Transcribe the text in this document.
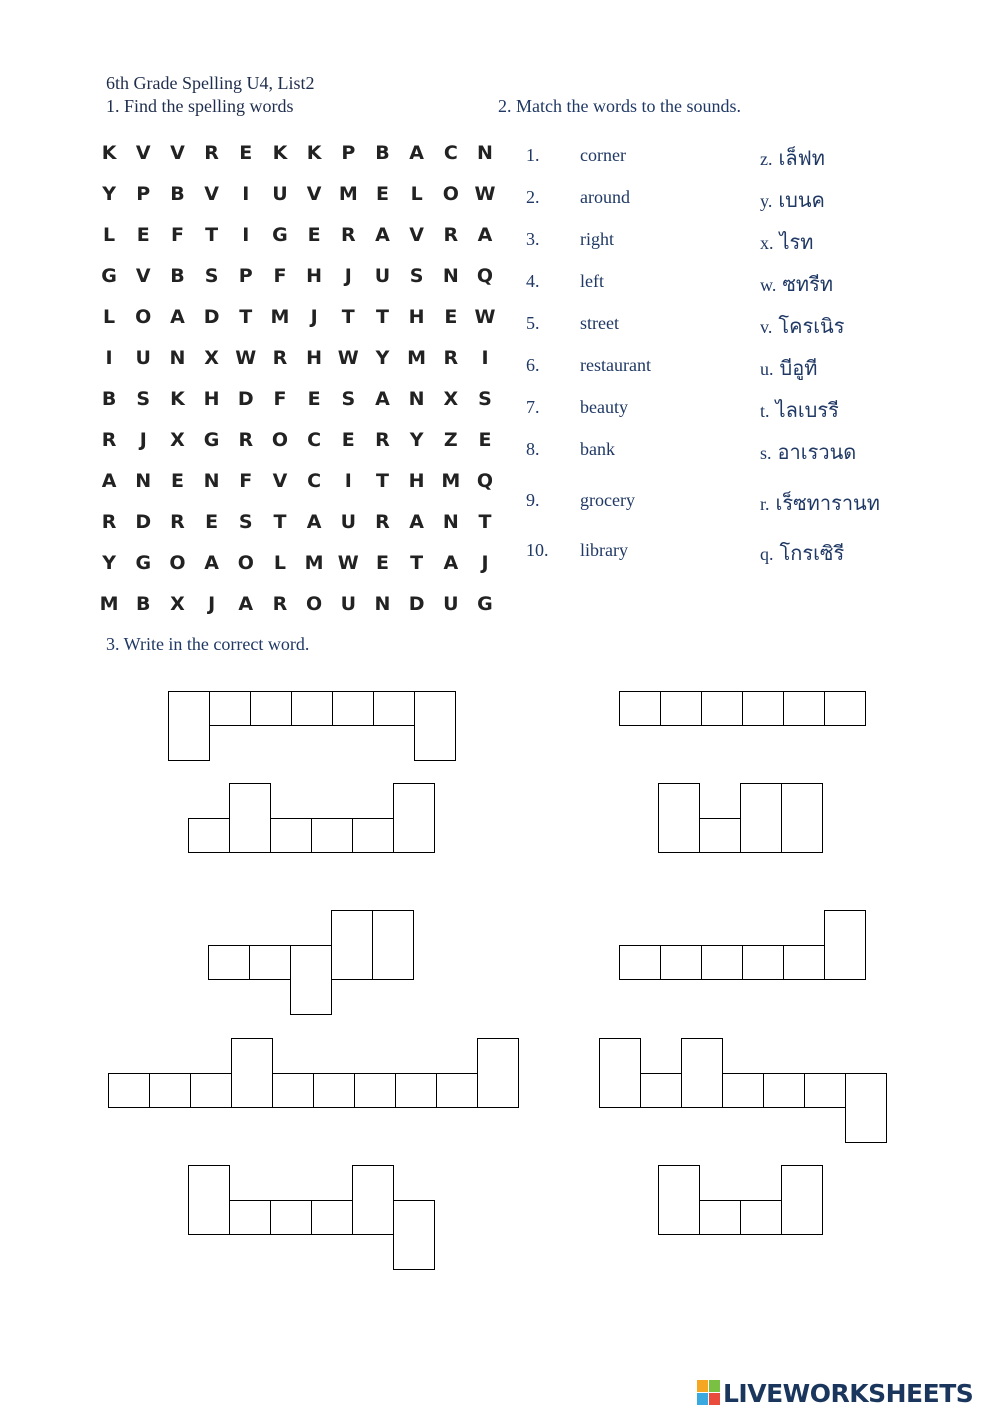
6th Grade Spelling U4, List2
1. Find the spelling words	2. Match the words to the sounds.
3. Write in the correct word.
K	V	V	R	E	K	K	P	B	A	C	N
Y	P	B	V	I	U	V M E	L	O W
L	E	F	T	I	G	E	R	A	V	R	A
G	V	B	S	P	F	H	J	U	S	N Q
L	O A D	T M	J	T	T	H	E W
I	U N X W R H W Y M R	I
B	S	K H D	F	E	S	A N X	S
R	J	X	G	R O	C	E	R	Y	Z	E
A N	E	N	F	V	C	I	T	H M Q
R D R	E	S	T	A	U	R	A N	T
Y	G O A O	L M W E	T	A	J
M B	X	J	A	R O U N D U G
1. corner	z. เล็ฟท
2. around	y. เบนค
3. right	x. ไรท
4. left	w. ซทรีท
5. street	v. โครเนิร
6. restaurant	u. บีอูที
7. beauty	t. ไลเบรรี
8. bank	s. อาเรวนด
9. grocery	r. เร็ซทารานท
10. library	q. โกรเซิรี
LIVEWORKSHEETS
